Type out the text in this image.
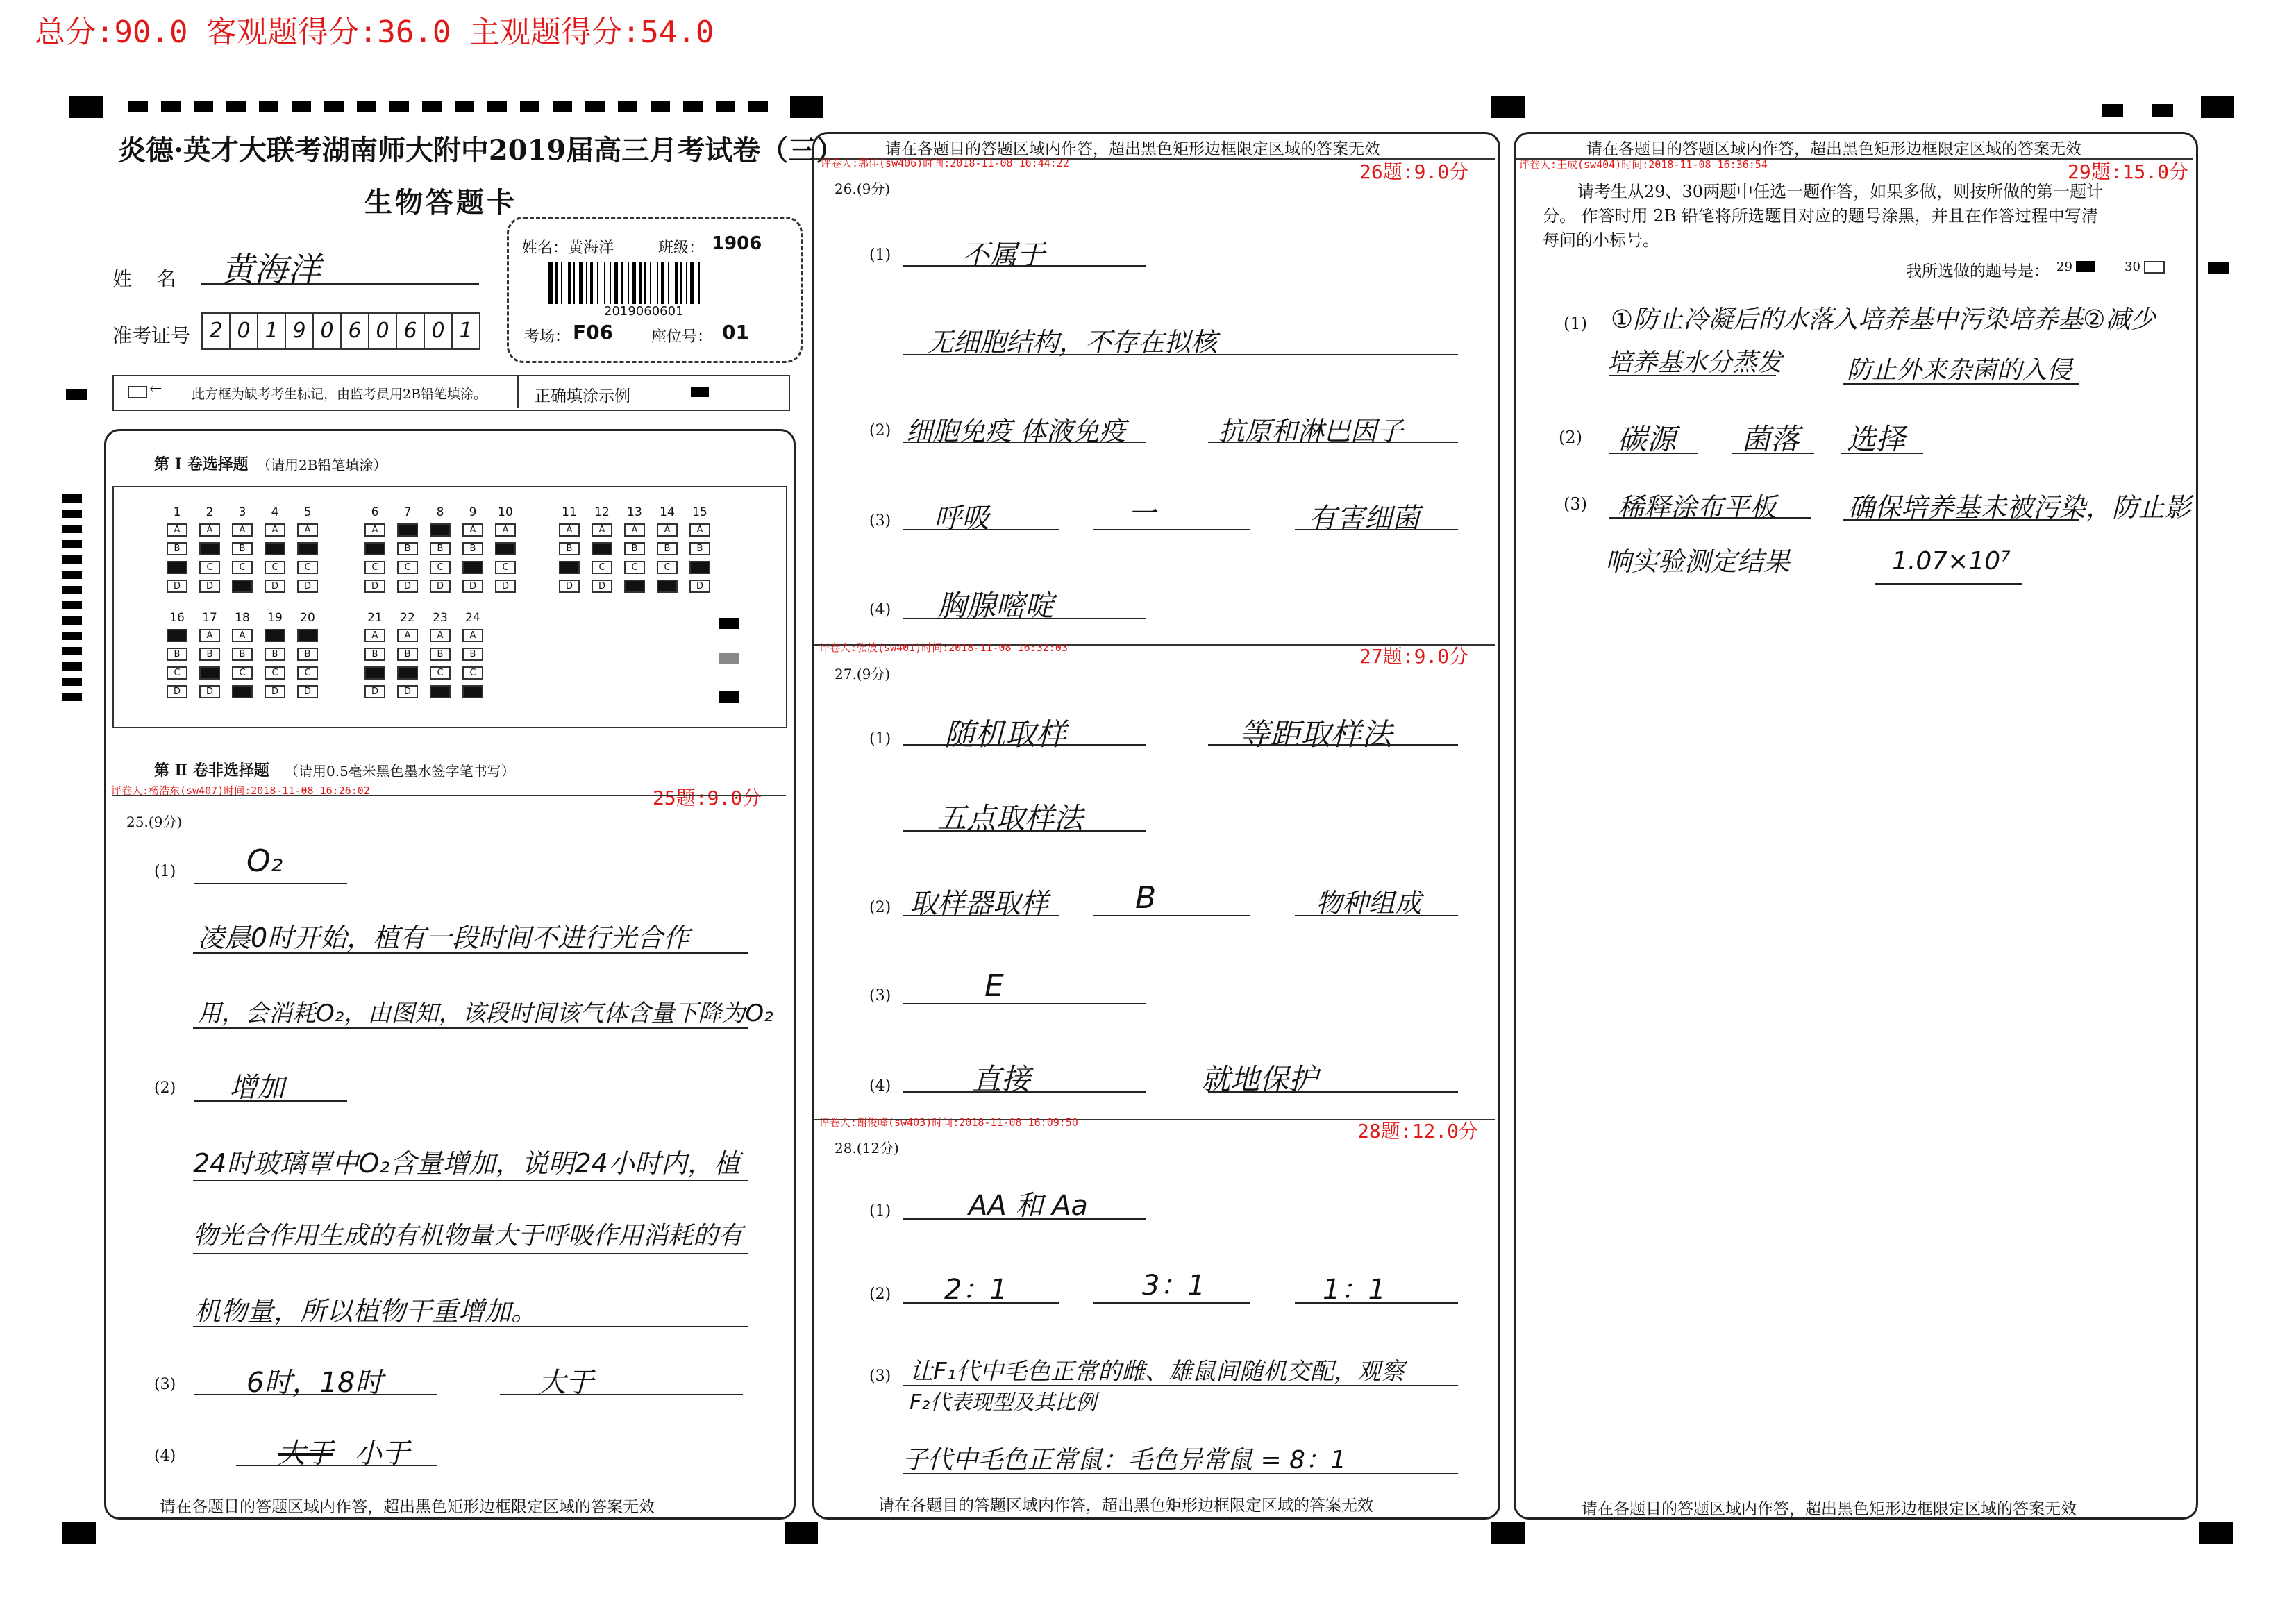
总分:90.0 客观题得分:36.0 主观题得分:54.0
炎德·英才大联考湖南师大附中2019届高三月考试卷（三）
生物答题卡
姓    名 黄海洋
准考证号 2 0 1 9 0 6 0 6 0 1
姓名：黄海洋	班级： 1906
2019060601
考场： F06 座位号： 01
← 此方框为缺考考生标记，由监考员用2B铅笔填涂。	正确填涂示例
第 Ⅰ 卷选择题 （请用2B铅笔填涂）
1
A
B
C
D
2
A
B
C
D
3
A
B
C
D
4
A
B
C
D
5
A
B
C
D
6
A
B
C
D
7
A
B
C
D
8
A
B
C
D
9
A
B
C
D
10
A
B
C
D
11
A
B
C
D
12
A
B
C
D
13
A
B
C
D
14
A
B
C
D
15
A
B
C
D
16
A
B
C
D
17
A
B
C
D
18
A
B
C
D
19
A
B
C
D
20
A
B
C
D
21
A
B
C
D
22
A
B
C
D
23
A
B
C
D
24
A
B
C
D
第 Ⅱ 卷非选择题 （请用0.5毫米黑色墨水签字笔书写）
评卷人:杨浩东(sw407)时间:2018-11-08 16:26:02	25题:9.0分
25.(9分)
(1) O₂
凌晨0时开始，植有一段时间不进行光合作
用，会消耗O₂，由图知，该段时间该气体含量下降为O₂
(2) 增加
24时玻璃罩中O₂含量增加，说明24小时内，植
物光合作用生成的有机物量大于呼吸作用消耗的有
机物量，所以植物干重增加。
(3)	6时，18时	大于
(4)	大于 小于
请在各题目的答题区域内作答，超出黑色矩形边框限定区域的答案无效
请在各题目的答题区域内作答，超出黑色矩形边框限定区域的答案无效
评卷人:郭佳(sw406)时间:2018-11-08 16:44:22	26题:9.0分
26.(9分)
(1)	不属于
无细胞结构，不存在拟核
(2) 细胞免疫 体液免疫	抗原和淋巴因子
(3) 呼吸	一	有害细菌
(4) 胸腺嘧啶
评卷人:张波(sw401)时间:2018-11-08 16:32:03	27题:9.0分
27.(9分)
(1) 随机取样	等距取样法
五点取样法
(2) 取样器取样	B	物种组成
(3)	E
(4)	直接	就地保护
评卷人:谢俊峰(sw403)时间:2018-11-08 16:09:50	28题:12.0分
28.(12分)
(1)	AA 和 Aa
(2) 2：1	3：1	1：1
(3) 让F₁代中毛色正常的雌、雄鼠间随机交配，观察
F₂代表现型及其比例
子代中毛色正常鼠：毛色异常鼠 = 8：1
请在各题目的答题区域内作答，超出黑色矩形边框限定区域的答案无效
请在各题目的答题区域内作答，超出黑色矩形边框限定区域的答案无效
评卷人:王成(sw404)时间:2018-11-08 16:36:54	29题:15.0分
请考生从29、30两题中任选一题作答，如果多做，则按所做的第一题计
分。 作答时用 2B 铅笔将所选题目对应的题号涂黑，并且在作答过程中写清
每问的小标号。
我所选做的题号是： 29	30
(1) ①防止冷凝后的水落入培养基中污染培养基②减少
培养基水分蒸发	防止外来杂菌的入侵
(2) 碳源 菌落 选择
(3) 稀释涂布平板	确保培养基未被污染，防止影
响实验测定结果	1.07×10⁷
请在各题目的答题区域内作答，超出黑色矩形边框限定区域的答案无效
